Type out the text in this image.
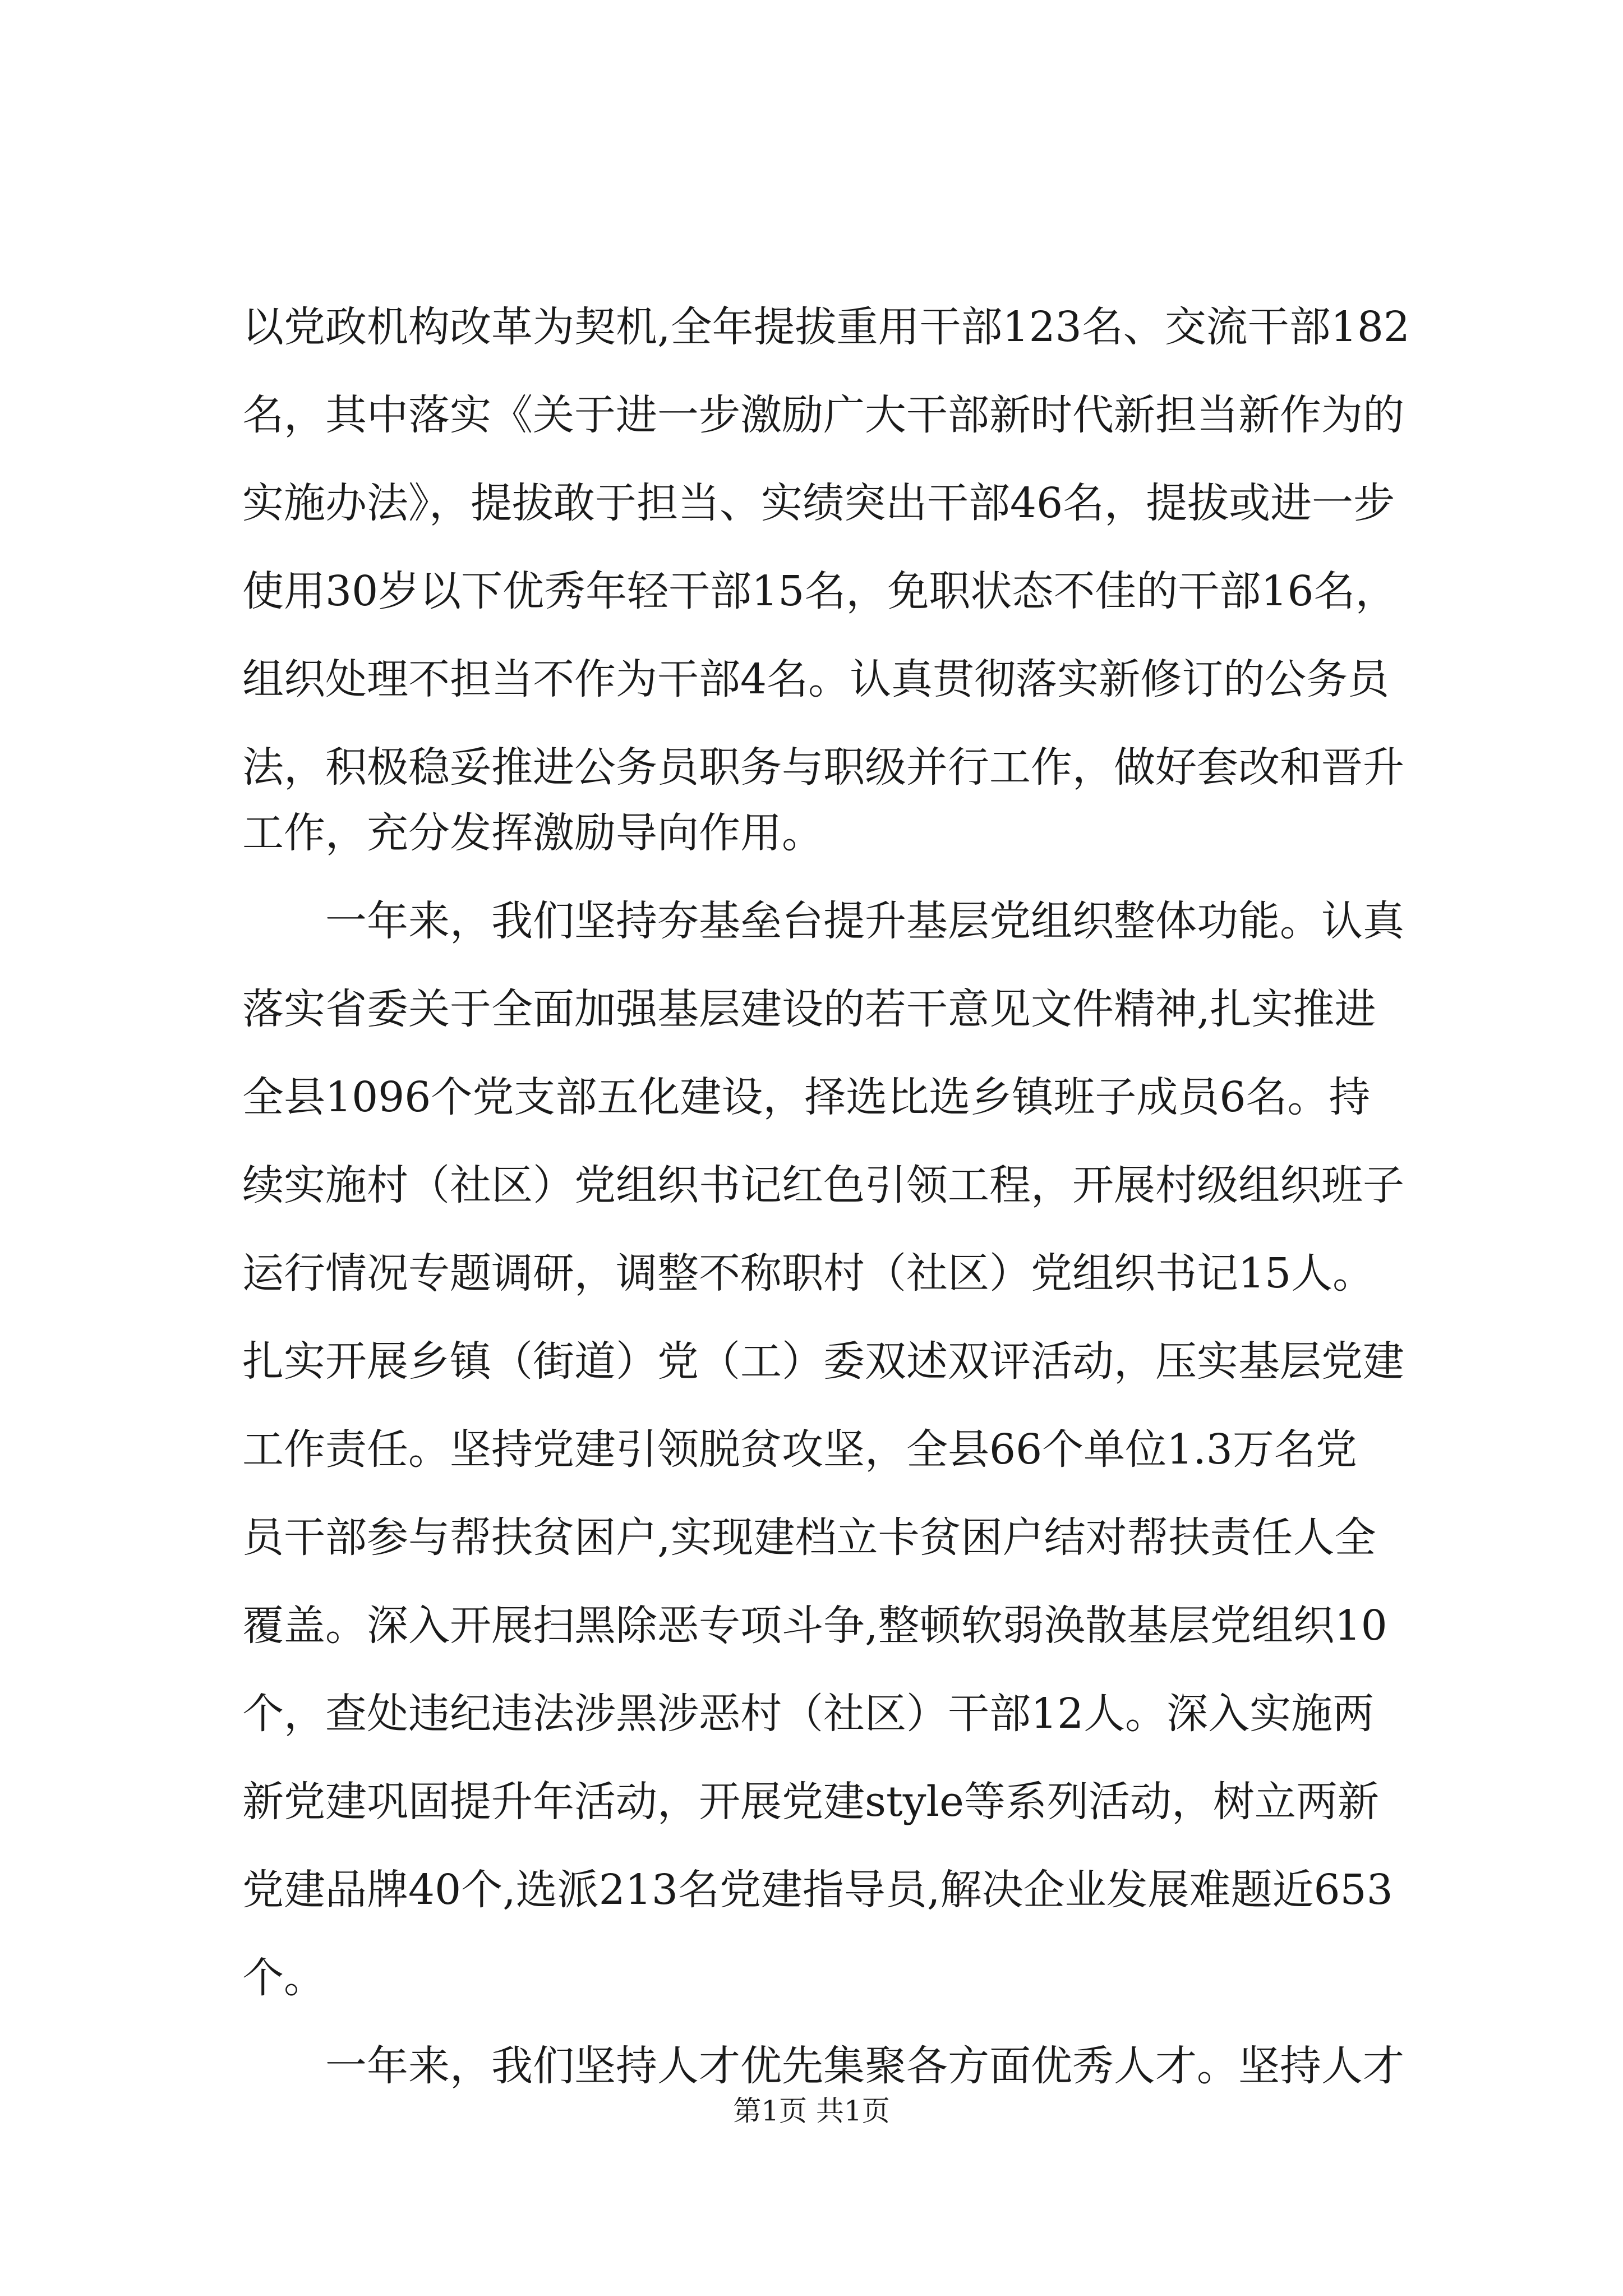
以党政机构改革为契机,全年提拔重用干部123名、交流干部182
名，其中落实《关于进一步激励广大干部新时代新担当新作为的
实施办法》，提拔敢于担当、实绩突出干部46名，提拔或进一步
使用30岁以下优秀年轻干部15名，免职状态不佳的干部16名，
组织处理不担当不作为干部4名。认真贯彻落实新修订的公务员
法，积极稳妥推进公务员职务与职级并行工作，做好套改和晋升
工作，充分发挥激励导向作用。
　　一年来，我们坚持夯基垒台提升基层党组织整体功能。认真
落实省委关于全面加强基层建设的若干意见文件精神,扎实推进
全县1096个党支部五化建设，择选比选乡镇班子成员6名。持
续实施村（社区）党组织书记红色引领工程，开展村级组织班子
运行情况专题调研，调整不称职村（社区）党组织书记15人。
扎实开展乡镇（街道）党（工）委双述双评活动，压实基层党建
工作责任。坚持党建引领脱贫攻坚，全县66个单位1.3万名党
员干部参与帮扶贫困户,实现建档立卡贫困户结对帮扶责任人全
覆盖。深入开展扫黑除恶专项斗争,整顿软弱涣散基层党组织10
个，查处违纪违法涉黑涉恶村（社区）干部12人。深入实施两
新党建巩固提升年活动，开展党建style等系列活动，树立两新
党建品牌40个,选派213名党建指导员,解决企业发展难题近653
个。
　　一年来，我们坚持人才优先集聚各方面优秀人才。坚持人才
第1页 共1页
